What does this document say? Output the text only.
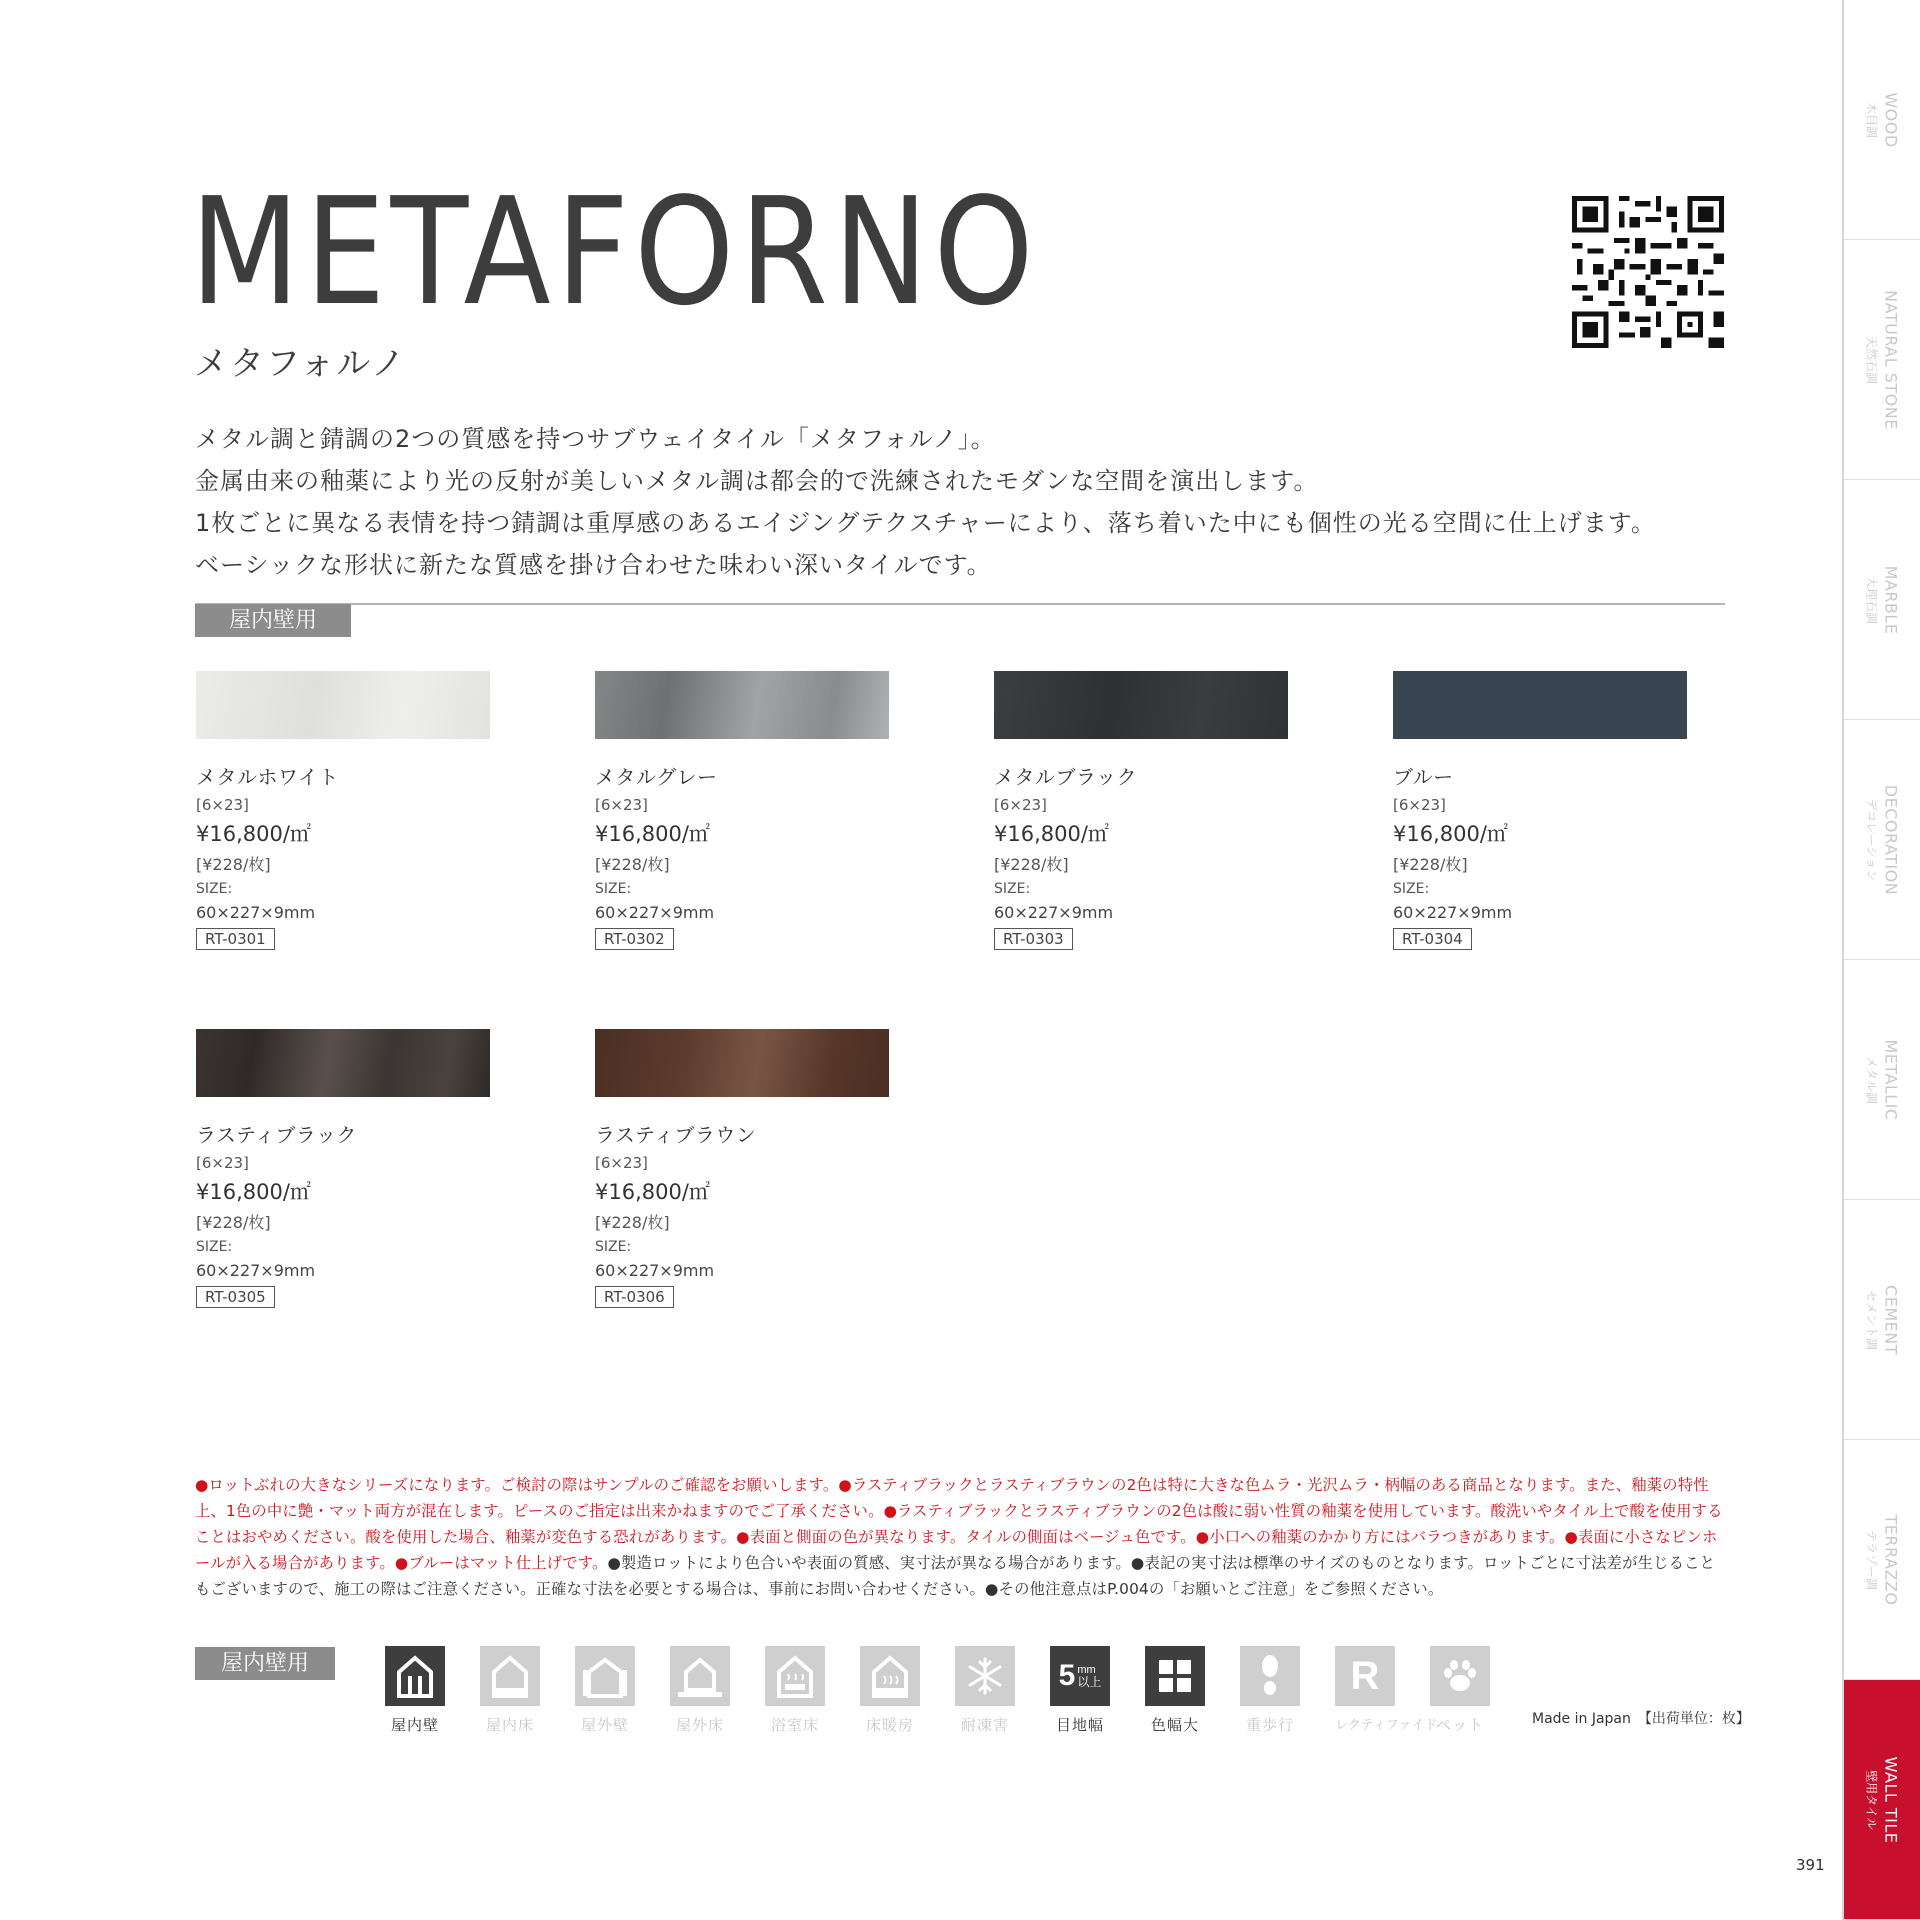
METAFORNO
メタフォルノ

メタル調と錆調の2つの質感を持つサブウェイタイル「メタフォルノ」。

金属由来の釉薬により光の反射が美しいメタル調は都会的で洗練されたモダンな空間を演出します。

1枚ごとに異なる表情を持つ錆調は重厚感のあるエイジングテクスチャーにより、落ち着いた中にも個性の光る空間に仕上げます。

ベーシックな形状に新たな質感を掛け合わせた味わい深いタイルです。

屋内壁用
メタルホワイト
[6×23]
¥16,800/㎡
[¥228/枚]
SIZE:
60×227×9mm
RT-0301
メタルグレー
[6×23]
¥16,800/㎡
[¥228/枚]
SIZE:
60×227×9mm
RT-0302
メタルブラック
[6×23]
¥16,800/㎡
[¥228/枚]
SIZE:
60×227×9mm
RT-0303
ブルー
[6×23]
¥16,800/㎡
[¥228/枚]
SIZE:
60×227×9mm
RT-0304
ラスティブラック
[6×23]
¥16,800/㎡
[¥228/枚]
SIZE:
60×227×9mm
RT-0305
ラスティブラウン
[6×23]
¥16,800/㎡
[¥228/枚]
SIZE:
60×227×9mm
RT-0306
●ロットぶれの大きなシリーズになります。ご検討の際はサンプルのご確認をお願いします。●ラスティブラックとラスティブラウンの2色は特に大きな色ムラ・光沢ムラ・柄幅のある商品となります。また、釉薬の特性上、1色の中に艶・マット両方が混在します。ピースのご指定は出来かねますのでご了承ください。●ラスティブラックとラスティブラウンの2色は酸に弱い性質の釉薬を使用しています。酸洗いやタイル上で酸を使用することはおやめください。酸を使用した場合、釉薬が変色する恐れがあります。●表面と側面の色が異なります。タイルの側面はベージュ色です。●小口への釉薬のかかり方にはバラつきがあります。●表面に小さなピンホールが入る場合があります。●ブルーはマット仕上げです。●製造ロットにより色合いや表面の質感、実寸法が異なる場合があります。●表記の実寸法は標準のサイズのものとなります。ロットごとに寸法差が生じることもございますので、施工の際はご注意ください。正確な寸法を必要とする場合は、事前にお問い合わせください。●その他注意点はP.004の「お願いとご注意」をご参照ください。
屋内壁用
屋内壁	屋内床	屋外壁	屋外床	浴室床	床暖房	耐凍害
5 mm
以上
目地幅	色幅大	重歩行
R
レクティファイド
ペット	Made in Japan　【出荷単位：枚】
WOOD
木目調
NATURAL STONE
天然石調
MARBLE
大理石調
DECORATION
デコレーション
METALLIC
メタル調
CEMENT
セメント調
TERRAZZO
テラゾー調
WALL TILE
壁用タイル
391
